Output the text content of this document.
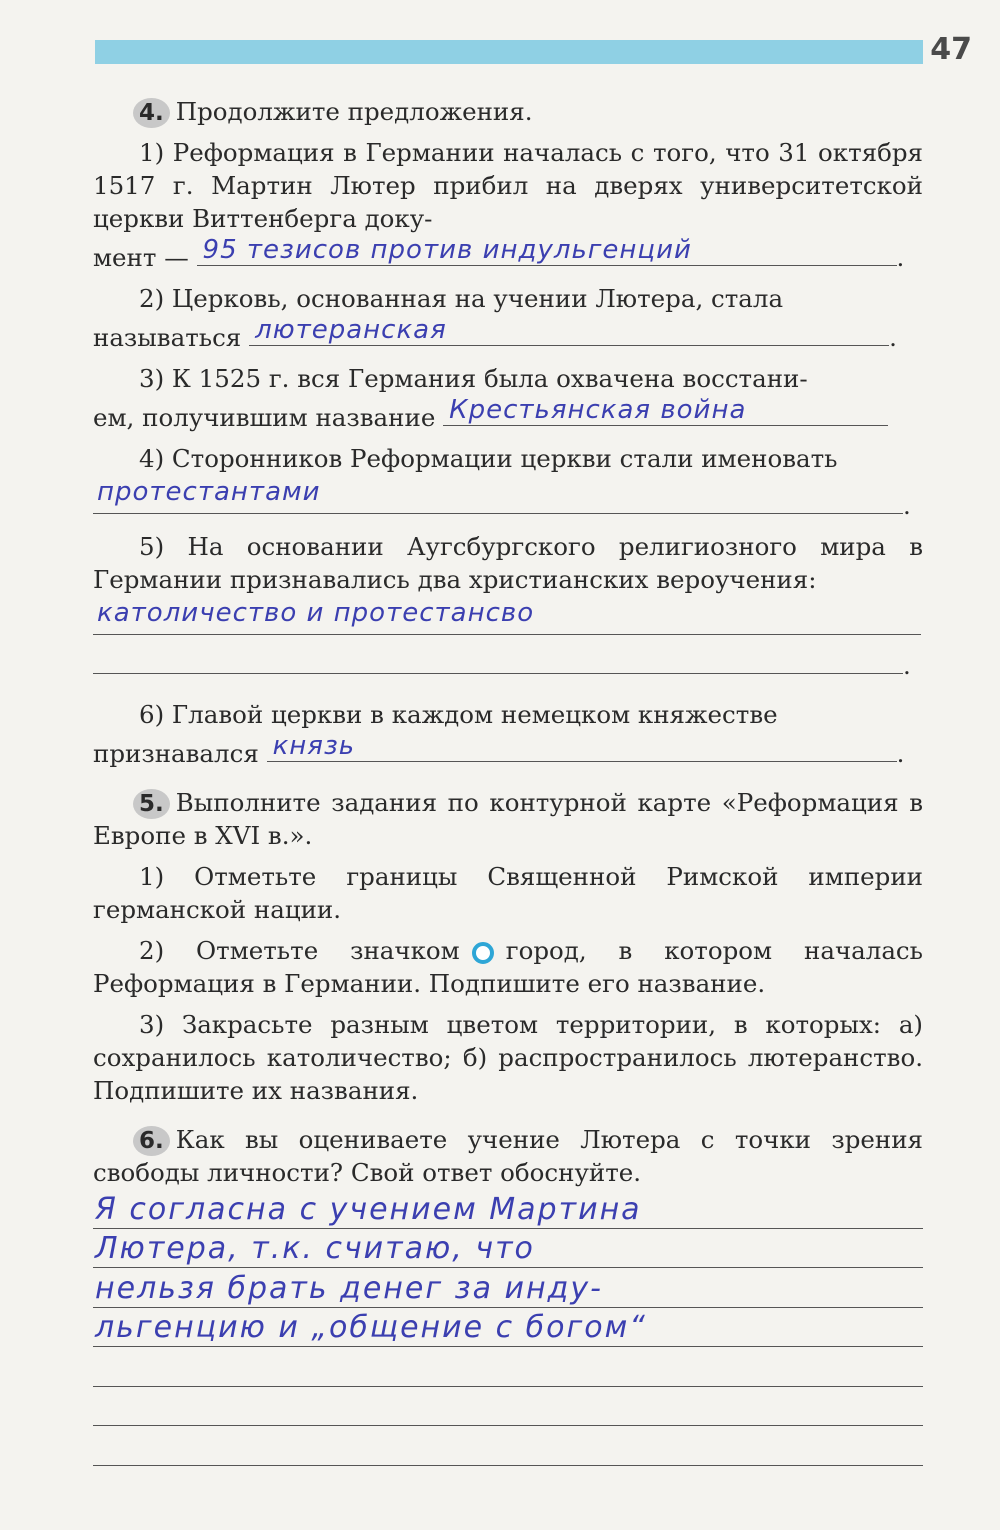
47

4. Продолжите предложения.

1) Реформация в Германии началась с того, что 31 октября 1517 г. Мартин Лютер прибил на дверях университетской церкви Виттенберга доку-

мент — 95 тезисов против индульгенций	.

2) Церковь, основанная на учении Лютера, стала

называться лютеранская	.

3) К 1525 г. вся Германия была охвачена восстани-

ем, получившим название Крестьянская война

4) Сторонников Реформации церкви стали именовать

протестантами	.

5) На основании Аугсбургского религиозного мира в Германии признавались два христианских вероучения:

католичество и протестансво
.

6) Главой церкви в каждом немецком княжестве

признавался князь	.

5. Выполните задания по контурной карте «Реформация в Европе в XVI в.».

1) Отметьте границы Священной Римской империи германской нации.

2) Отметьте значком город, в котором началась Реформация в Германии. Подпишите его название.

3) Закрасьте разным цветом территории, в которых: а) сохранилось католичество; б) распространилось лютеранство. Подпишите их названия.

6. Как вы оцениваете учение Лютера с точки зрения свободы личности? Свой ответ обоснуйте.

Я согласна с учением Мартина
Лютера, т.к. считаю, что
нельзя брать денег за инду-
льгенцию и „общение с богом“
